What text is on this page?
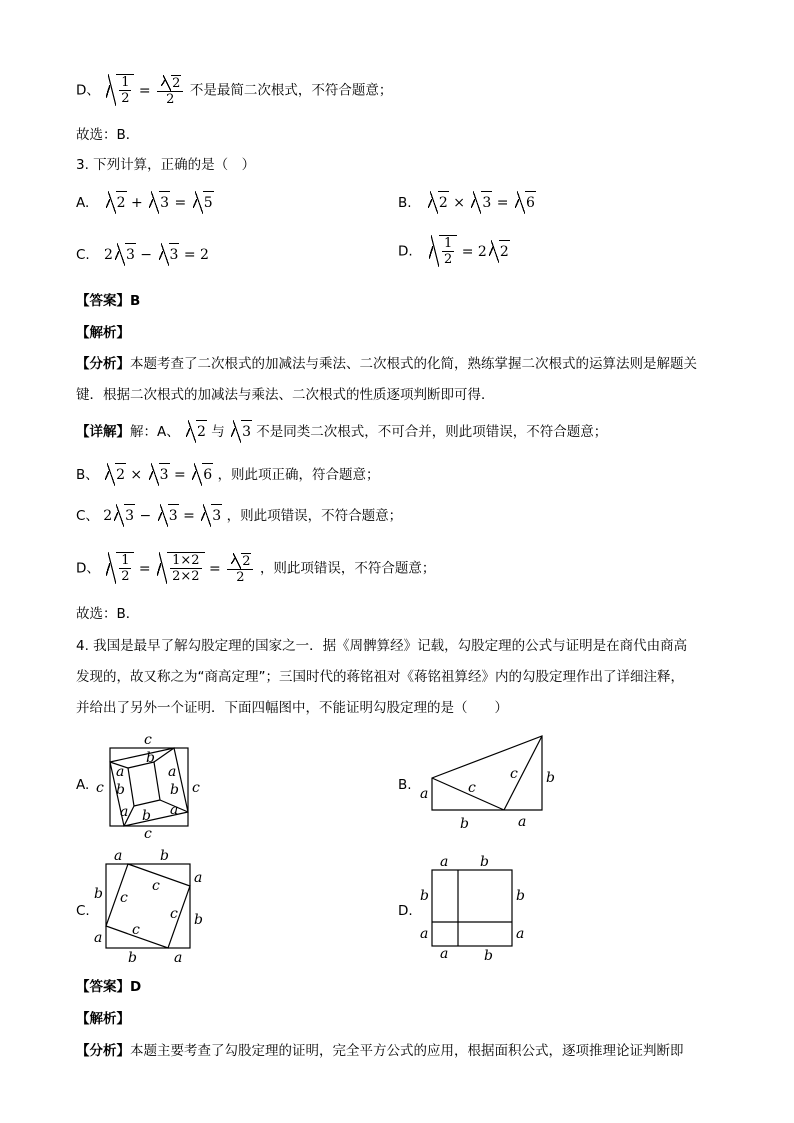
D、 $\frac{1}{2} = \frac{2}{2}$ 不是最简二次根式，不符合题意；
故选：B．
3. 下列计算，正确的是（　）
A. 2 + 3 = 5	B. 2 × 3 = 6
C. 2 3 − 3 = 2	D. $\frac{1}{2} = 2$ 2
【答案】B
【解析】
【分析】本题考查了二次根式的加减法与乘法、二次根式的化简，熟练掌握二次根式的运算法则是解题关
键．根据二次根式的加减法与乘法、二次根式的性质逐项判断即可得．
【详解】解：A、 2 与 3 不是同类二次根式，不可合并，则此项错误，不符合题意；
B、 2 × 3 = 6 ，则此项正确，符合题意；
C、 2 3 − 3 = 3 ，则此项错误，不符合题意；
D、 $\frac{1}{2} = \frac{1\times 2}{2\times 2} = \frac{2}{2}$ ，则此项错误，不符合题意；
故选：B．
4. 我国是最早了解勾股定理的国家之一．据《周髀算经》记载，勾股定理的公式与证明是在商代由商高
发现的，故又称之为“商高定理”；三国时代的蒋铭祖对《蒋铭祖算经》内的勾股定理作出了详细注释，
并给出了另外一个证明．下面四幅图中，不能证明勾股定理的是（　　）
A.
c
c	c
c
a
b
a
b	b
a b a
B.
a	c
c b
b	a
C.
a	b
b
a
a
b
b	a
c
c
c
c
D.
a b
b	b
a	a
a	b
【答案】D
【解析】
【分析】本题主要考查了勾股定理的证明，完全平方公式的应用，根据面积公式，逐项推理论证判断即
